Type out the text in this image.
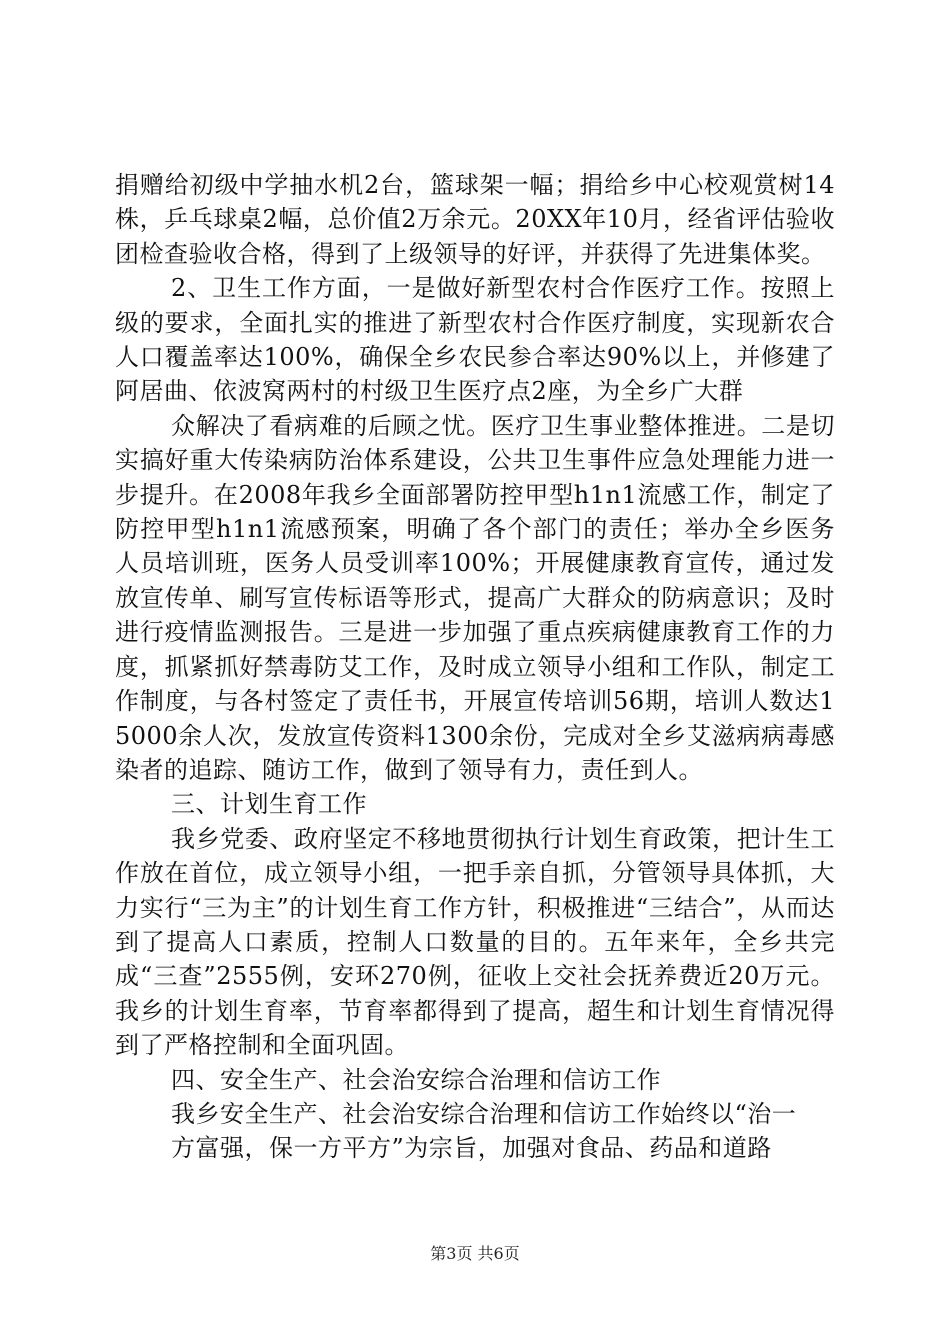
捐赠给初级中学抽水机2台，篮球架一幅；捐给乡中心校观赏树14株，乒乓球桌2幅，总价值2万余元。20XX年10月，经省评估验收团检查验收合格，得到了上级领导的好评，并获得了先进集体奖。

2、卫生工作方面，一是做好新型农村合作医疗工作。按照上级的要求，全面扎实的推进了新型农村合作医疗制度，实现新农合人口覆盖率达100%，确保全乡农民参合率达90%以上，并修建了阿居曲、依波窝两村的村级卫生医疗点2座，为全乡广大群

众解决了看病难的后顾之忧。医疗卫生事业整体推进。二是切实搞好重大传染病防治体系建设，公共卫生事件应急处理能力进一步提升。在2008年我乡全面部署防控甲型h1n1流感工作，制定了防控甲型h1n1流感预案，明确了各个部门的责任；举办全乡医务人员培训班，医务人员受训率100%；开展健康教育宣传，通过发放宣传单、刷写宣传标语等形式，提高广大群众的防病意识；及时进行疫情监测报告。三是进一步加强了重点疾病健康教育工作的力度，抓紧抓好禁毒防艾工作，及时成立领导小组和工作队，制定工作制度，与各村签定了责任书，开展宣传培训56期，培训人数达15000余人次，发放宣传资料1300余份，完成对全乡艾滋病病毒感染者的追踪、随访工作，做到了领导有力，责任到人。

三、计划生育工作

我乡党委、政府坚定不移地贯彻执行计划生育政策，把计生工作放在首位，成立领导小组，一把手亲自抓，分管领导具体抓，大力实行“三为主”的计划生育工作方针，积极推进“三结合”，从而达到了提高人口素质，控制人口数量的目的。五年来年，全乡共完成“三查”2555例，安环270例，征收上交社会抚养费近20万元。我乡的计划生育率，节育率都得到了提高，超生和计划生育情况得到了严格控制和全面巩固。

四、安全生产、社会治安综合治理和信访工作

我乡安全生产、社会治安综合治理和信访工作始终以“治一

方富强，保一方平方”为宗旨，加强对食品、药品和道路

第3页 共6页
